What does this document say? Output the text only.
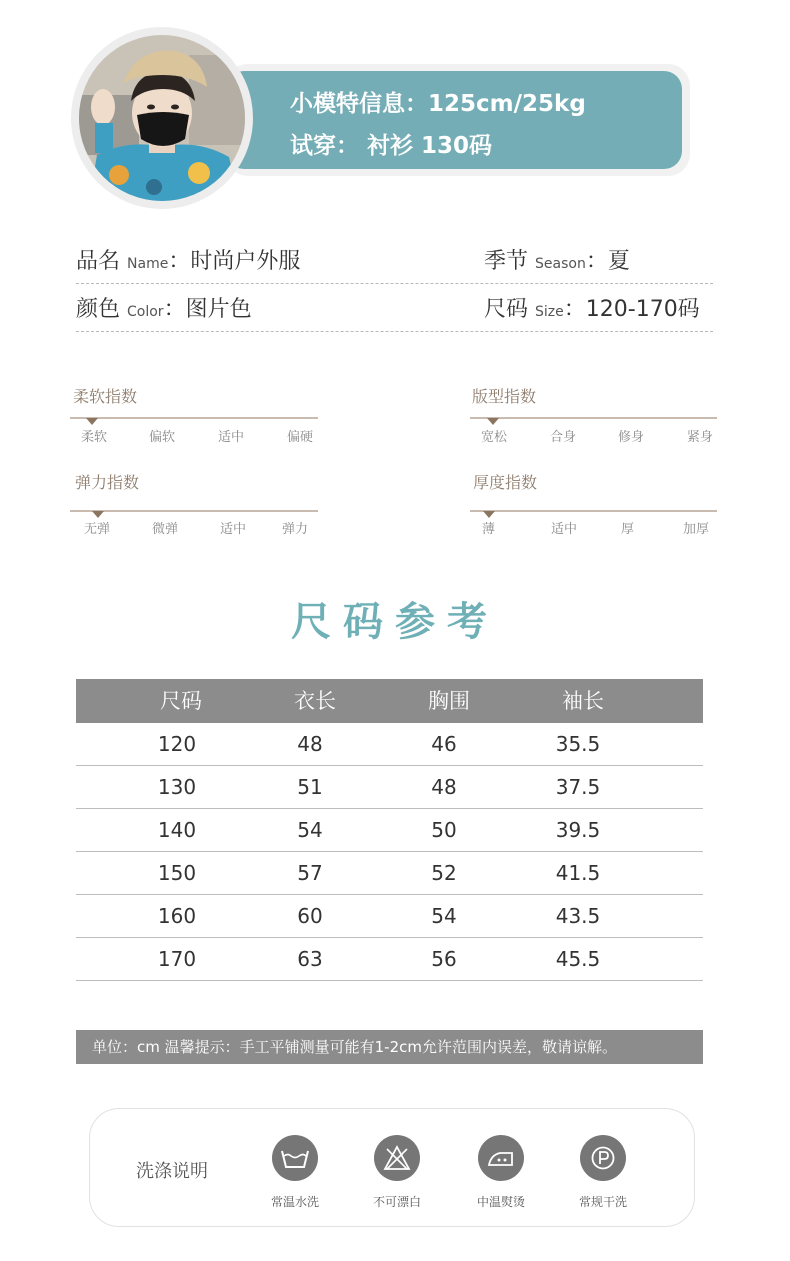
小模特信息：125cm/25kg
试穿： 衬衫 130码
品名 Name：时尚户外服	季节 Season：夏
颜色 Color：图片色	尺码 Size：120-170码
柔软指数
柔软	偏软	适中	偏硬
版型指数
宽松	合身	修身	紧身
弹力指数
无弹	微弹	适中	弹力
厚度指数
薄	适中	厚	加厚
尺码参考
尺码	衣长	胸围	袖长
120	48	46	35.5
130	51	48	37.5
140	54	50	39.5
150	57	52	41.5
160	60	54	43.5
170	63	56	45.5
单位：cm 温馨提示：手工平铺测量可能有1-2cm允许范围内误差，敬请谅解。
洗涤说明
常温水洗	不可漂白	中温熨烫	常规干洗
